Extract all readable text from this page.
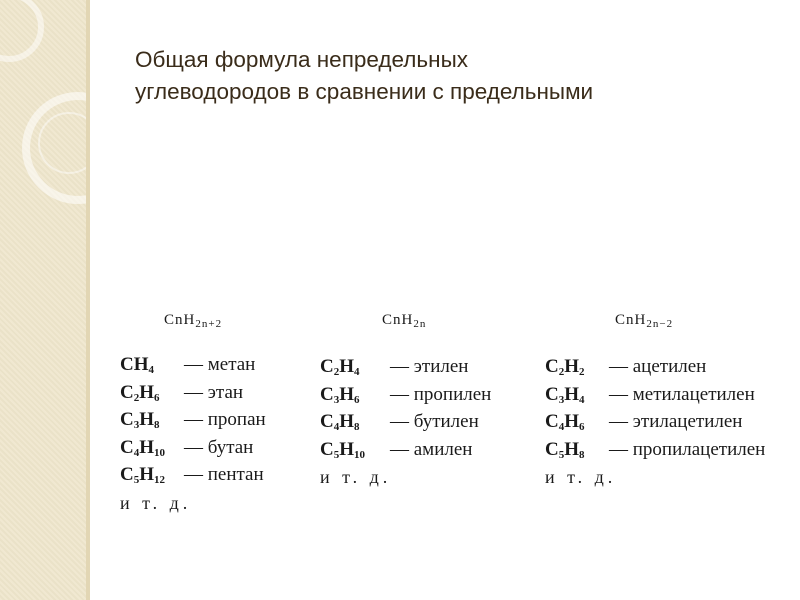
Общая формула непредельных
углеводородов в сравнении с предельными
CnH$_{2n+2}$
$CH_4$	— метан
$C_2H_6$	— этан
$C_3H_8$	— пропан
$C_4H_{10}$ — бутан
$C_5H_{12}$ — пентан
и т. д.
CnH$_{2n}$
$C_2H_4$	— этилен
$C_3H_6$	— пропилен
$C_4H_8$	— бутилен
$C_5H_{10}$	— амилен
и т. д.
CnH$_{2n-2}$
$C_2H_2$	— ацетилен
$C_3H_4$	— метилацетилен
$C_4H_6$	— этилацетилен
$C_5H_8$	— пропилацетилен
и т. д.
